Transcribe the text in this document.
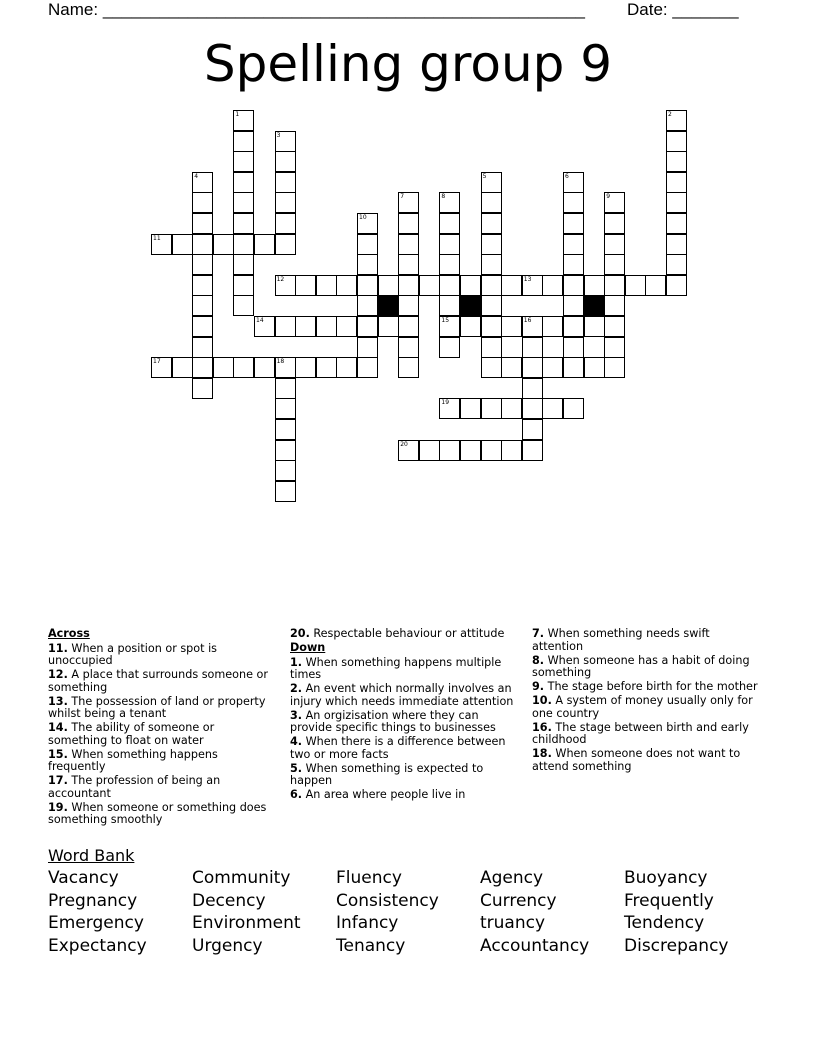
Name: ___________________________________________________ Date: _______
Spelling group 9
1
3
4	5	6
7	8
15
9
2
10
16
18
11
12	13
14
17
19
20
Across
11. When a position or spot is unoccupied
12. A place that surrounds someone or something
13. The possession of land or property whilst being a tenant
14. The ability of someone or something to float on water
15. When something happens frequently
17. The profession of being an accountant
19. When someone or something does something smoothly
20. Respectable behaviour or attitude
Down
1. When something happens multiple times
2. An event which normally involves an injury which needs immediate attention
3. An orgizisation where they can provide specific things to businesses
4. When there is a difference between two or more facts
5. When something is expected to happen
6. An area where people live in
7. When something needs swift attention
8. When someone has a habit of doing something
9. The stage before birth for the mother
10. A system of money usually only for one country
16. The stage between birth and early childhood
18. When someone does not want to attend something
Word Bank
Vacancy	Community	Fluency	Agency	Buoyancy
Pregnancy	Decency	Consistency	Currency	Frequently
Emergency	Environment	Infancy	truancy	Tendency
Expectancy	Urgency	Tenancy	Accountancy	Discrepancy
